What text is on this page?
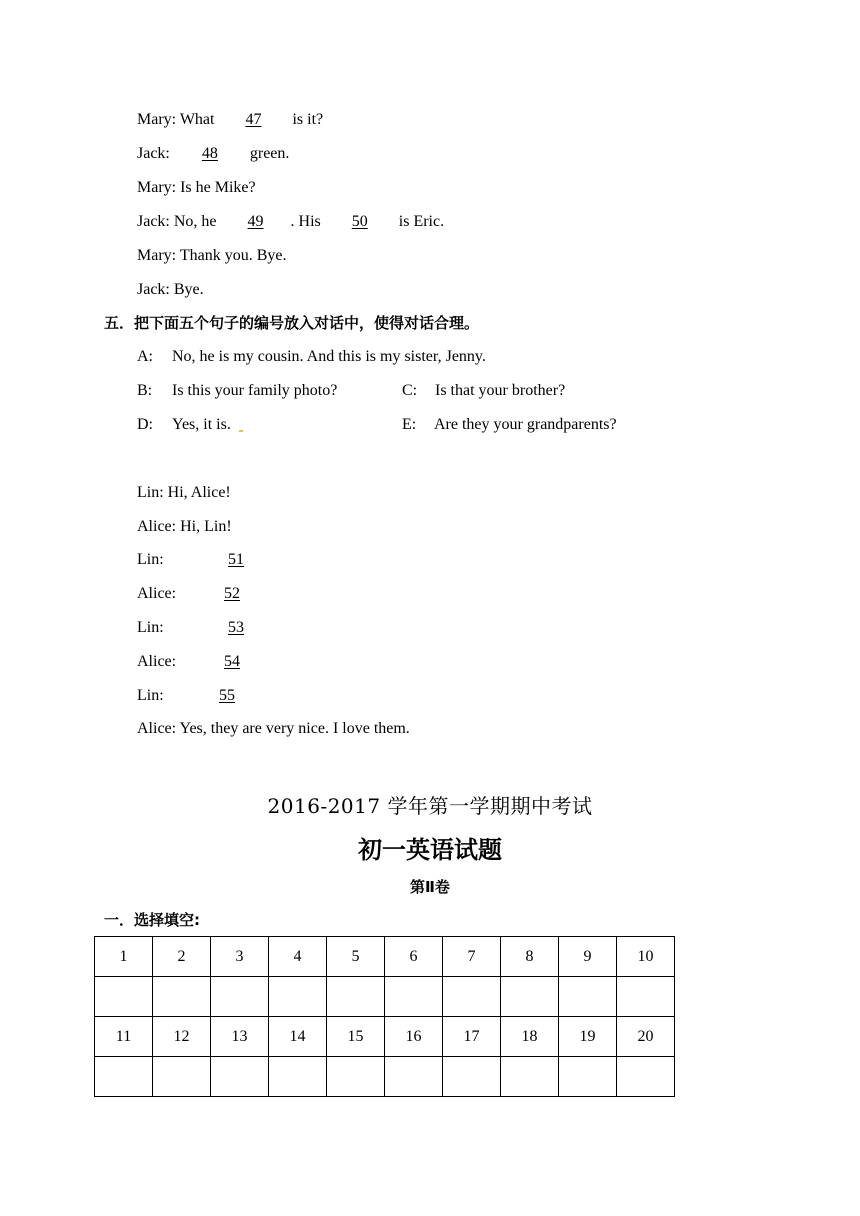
Mary: What 47 is it?
Jack: 48 green.
Mary: Is he Mike?
Jack: No, he 49 . His 50 is Eric.
Mary: Thank you. Bye.
Jack: Bye.
五．把下面五个句子的编号放入对话中，使得对话合理。
A: No, he is my cousin. And this is my sister, Jenny.
B: Is this your family photo?	C: Is that your brother?
D: Yes, it is.	E: Are they your grandparents?
Lin: Hi, Alice!
Alice: Hi, Lin!
Lin:	51
Alice:	52
Lin:	53
Alice:	54
Lin:	55
Alice: Yes, they are very nice. I love them.
2016-2017 学年第一学期期中考试
初一英语试题
第Ⅱ卷
一．选择填空:
1	2	3	4	5	6	7	8	9	10

11	12	13	14	15	16	17	18	19	20
